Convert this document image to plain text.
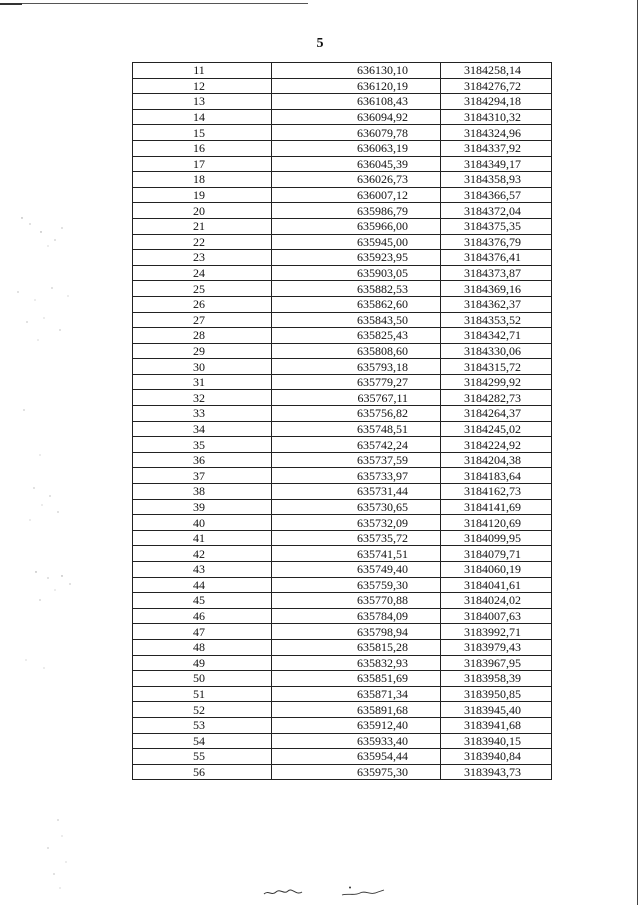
5
11	636130,10	3184258,14
12	636120,19	3184276,72
13	636108,43	3184294,18
14	636094,92	3184310,32
15	636079,78	3184324,96
16	636063,19	3184337,92
17	636045,39	3184349,17
18	636026,73	3184358,93
19	636007,12	3184366,57
20	635986,79	3184372,04
21	635966,00	3184375,35
22	635945,00	3184376,79
23	635923,95	3184376,41
24	635903,05	3184373,87
25	635882,53	3184369,16
26	635862,60	3184362,37
27	635843,50	3184353,52
28	635825,43	3184342,71
29	635808,60	3184330,06
30	635793,18	3184315,72
31	635779,27	3184299,92
32	635767,11	3184282,73
33	635756,82	3184264,37
34	635748,51	3184245,02
35	635742,24	3184224,92
36	635737,59	3184204,38
37	635733,97	3184183,64
38	635731,44	3184162,73
39	635730,65	3184141,69
40	635732,09	3184120,69
41	635735,72	3184099,95
42	635741,51	3184079,71
43	635749,40	3184060,19
44	635759,30	3184041,61
45	635770,88	3184024,02
46	635784,09	3184007,63
47	635798,94	3183992,71
48	635815,28	3183979,43
49	635832,93	3183967,95
50	635851,69	3183958,39
51	635871,34	3183950,85
52	635891,68	3183945,40
53	635912,40	3183941,68
54	635933,40	3183940,15
55	635954,44	3183940,84
56	635975,30	3183943,73
